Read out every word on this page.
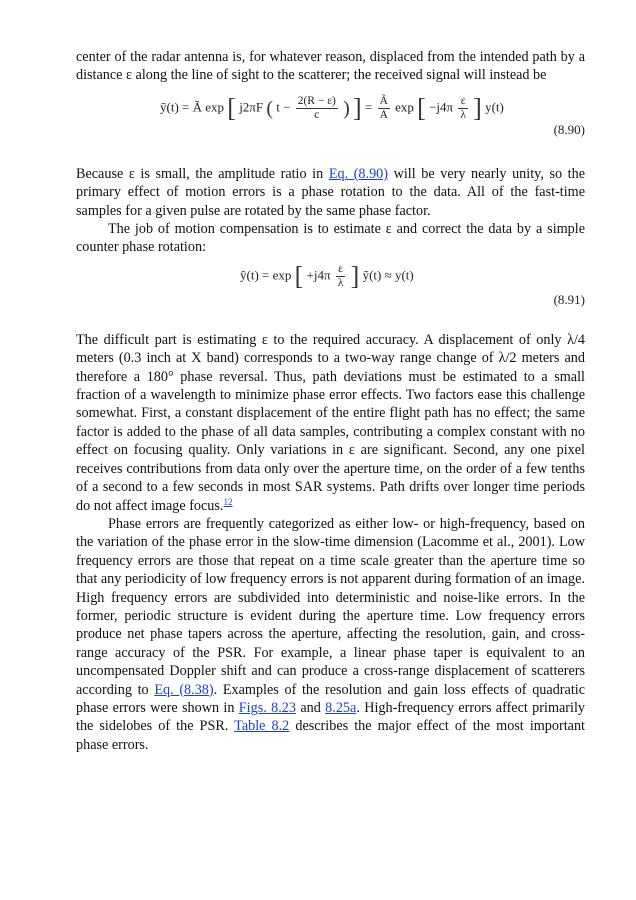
center of the radar antenna is, for whatever reason, displaced from the intended path by a distance ε along the line of sight to the scatterer; the received signal will instead be

ỹ(t) = Ã exp [ j2πF ( $t - \frac{2(R - \varepsilon)}{c}$ ) ] = $\frac{Ã}{A}$ exp [ $-j4\pi \frac{\varepsilon}{\lambda}$ ] y(t)
(8.90)

Because ε is small, the amplitude ratio in Eq. (8.90) will be very nearly unity, so the primary effect of motion errors is a phase rotation to the data. All of the fast-time samples for a given pulse are rotated by the same phase factor.

The job of motion compensation is to estimate ε and correct the data by a simple counter phase rotation:

ŷ(t) = exp [ $+j4\pi \frac{\varepsilon}{\lambda}$ ] ỹ(t) ≈ y(t)
(8.91)

The difficult part is estimating ε to the required accuracy. A displacement of only λ/4 meters (0.3 inch at X band) corresponds to a two-way range change of λ/2 meters and therefore a 180° phase reversal. Thus, path deviations must be estimated to a small fraction of a wavelength to minimize phase error effects. Two factors ease this challenge somewhat. First, a constant displacement of the entire flight path has no effect; the same factor is added to the phase of all data samples, contributing a complex constant with no effect on focusing quality. Only variations in ε are significant. Second, any one pixel receives contributions from data only over the aperture time, on the order of a few tenths of a second to a few seconds in most SAR systems. Path drifts over longer time periods do not affect image focus.$^{12}$

Phase errors are frequently categorized as either low- or high-frequency, based on the variation of the phase error in the slow-time dimension (Lacomme et al., 2001). Low frequency errors are those that repeat on a time scale greater than the aperture time so that any periodicity of low frequency errors is not apparent during formation of an image. High frequency errors are subdivided into deterministic and noise-like errors. In the former, periodic structure is evident during the aperture time. Low frequency errors produce net phase tapers across the aperture, affecting the resolution, gain, and cross-range accuracy of the PSR. For example, a linear phase taper is equivalent to an uncompensated Doppler shift and can produce a cross-range displacement of scatterers according to Eq. (8.38). Examples of the resolution and gain loss effects of quadratic phase errors were shown in Figs. 8.23 and 8.25a. High-frequency errors affect primarily the sidelobes of the PSR. Table 8.2 describes the major effect of the most important phase errors.
